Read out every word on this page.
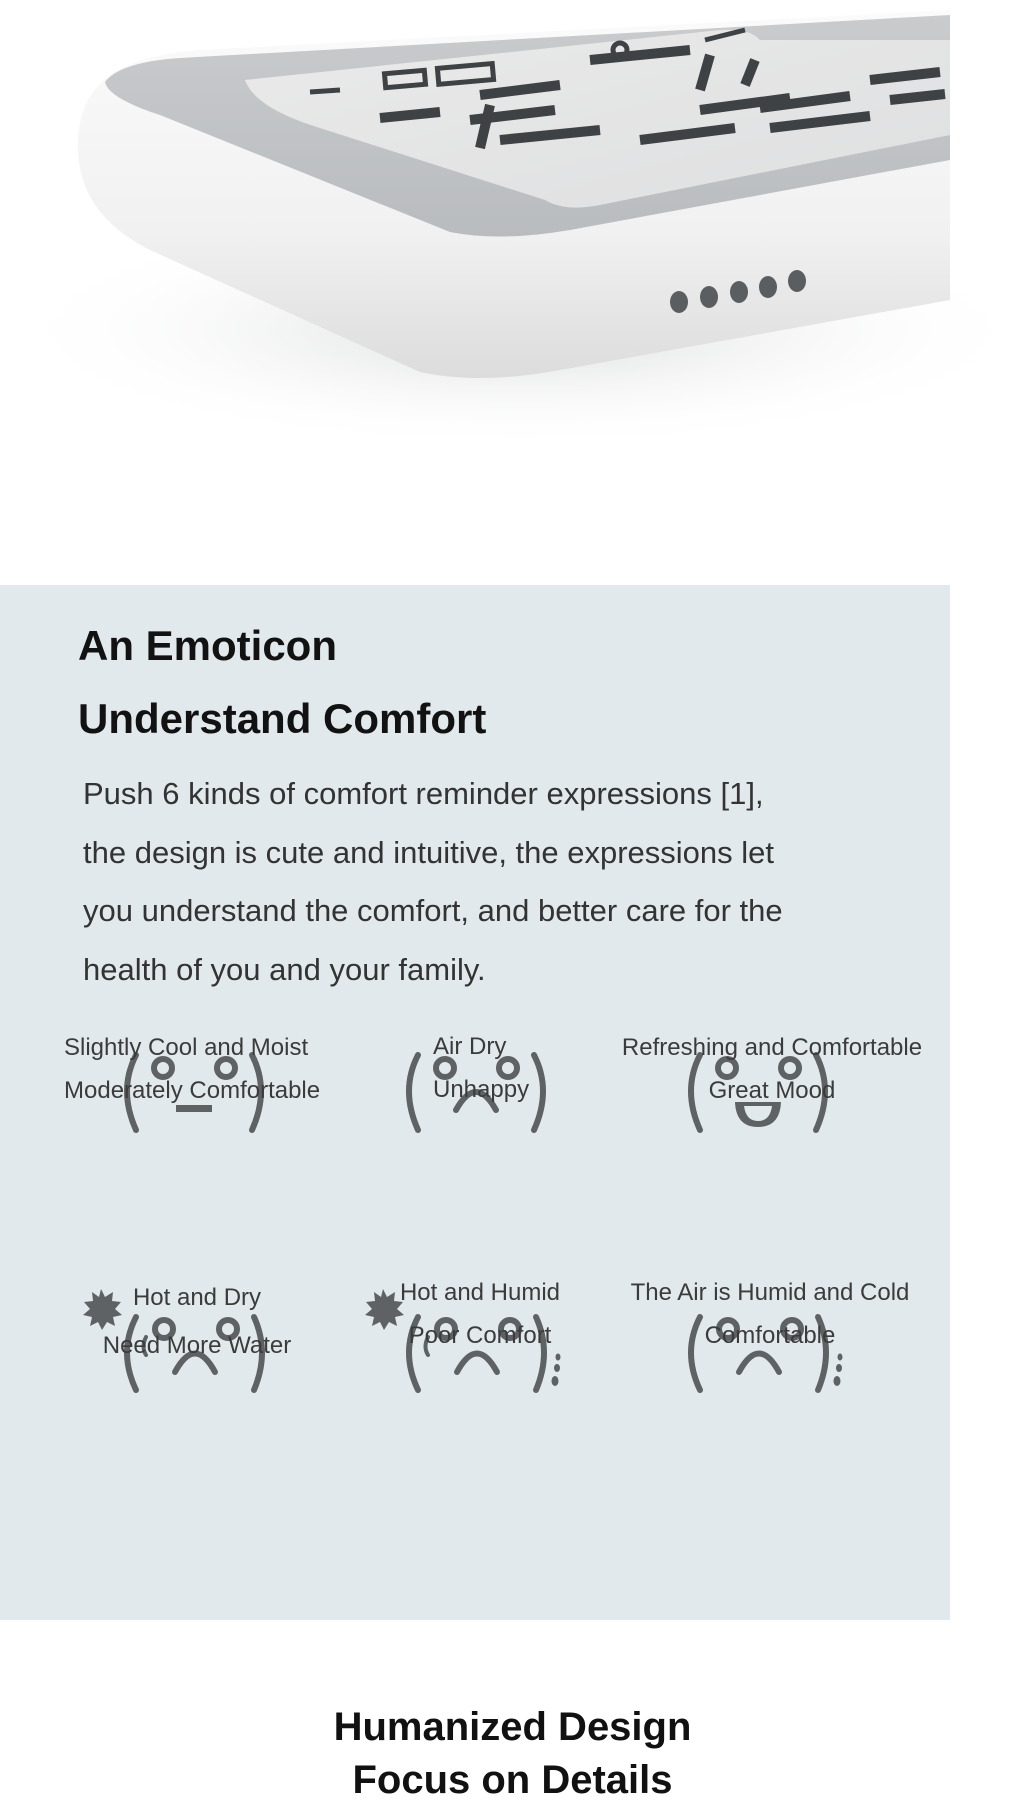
An Emoticon
Understand Comfort

Push 6 kinds of comfort reminder expressions [1],
the design is cute and intuitive, the expressions let
you understand the comfort, and better care for the
health of you and your family.

Slightly Cool and Moist
Moderately Comfortable
Air Dry
Unhappy
Refreshing and Comfortable
Great Mood
Hot and Dry
Need More Water
Hot and Humid
Poor Comfort
The Air is Humid and Cold
Comfortable
Humanized Design
Focus on Details
